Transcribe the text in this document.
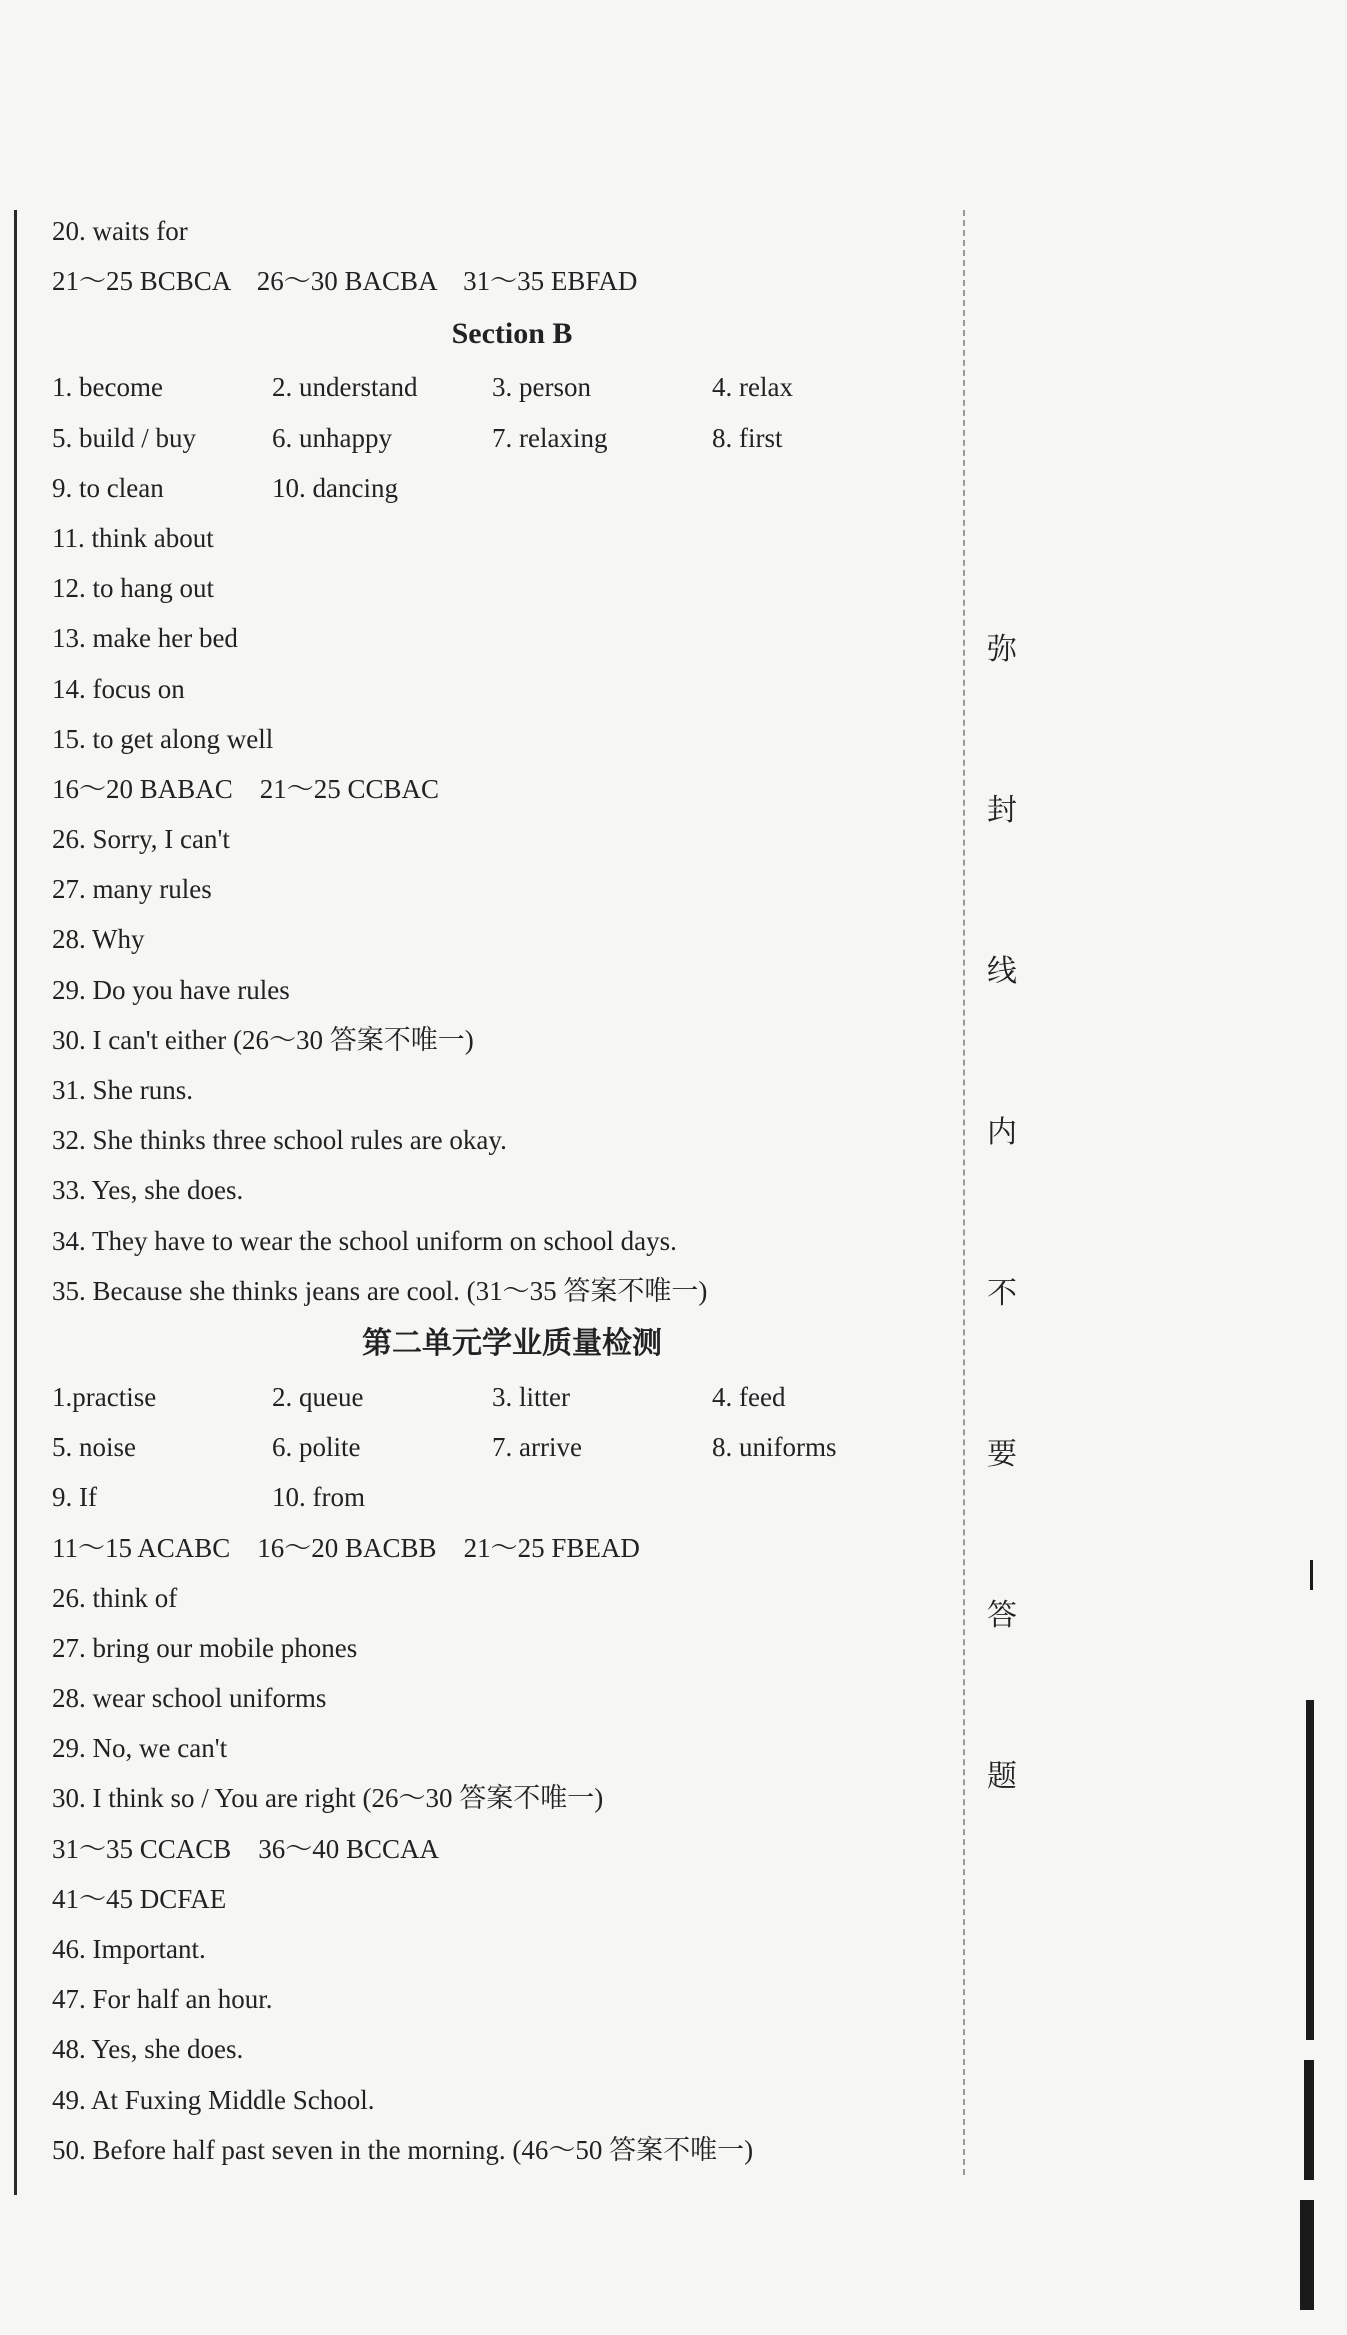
20. waits for
21～25 BCBCA　26～30 BACBA　31～35 EBFAD
Section B
1. become	2. understand	3. person	4. relax
5. build / buy	6. unhappy	7. relaxing	8. first
9. to clean	10. dancing
11. think about
12. to hang out
13. make her bed
14. focus on
15. to get along well
16～20 BABAC　21～25 CCBAC
26. Sorry, I can't
27. many rules
28. Why
29. Do you have rules
30. I can't either (26～30 答案不唯一)
31. She runs.
32. She thinks three school rules are okay.
33. Yes, she does.
34. They have to wear the school uniform on school days.
35. Because she thinks jeans are cool. (31～35 答案不唯一)
第二单元学业质量检测
1.practise	2. queue	3. litter	4. feed
5. noise	6. polite	7. arrive	8. uniforms
9. If	10. from
11～15 ACABC　16～20 BACBB　21～25 FBEAD
26. think of
27. bring our mobile phones
28. wear school uniforms
29. No, we can't
30. I think so / You are right (26～30 答案不唯一)
31～35 CCACB　36～40 BCCAA
41～45 DCFAE
46. Important.
47. For half an hour.
48. Yes, she does.
49. At Fuxing Middle School.
50. Before half past seven in the morning. (46～50 答案不唯一)
弥
封
线
内
不
要
答
题
